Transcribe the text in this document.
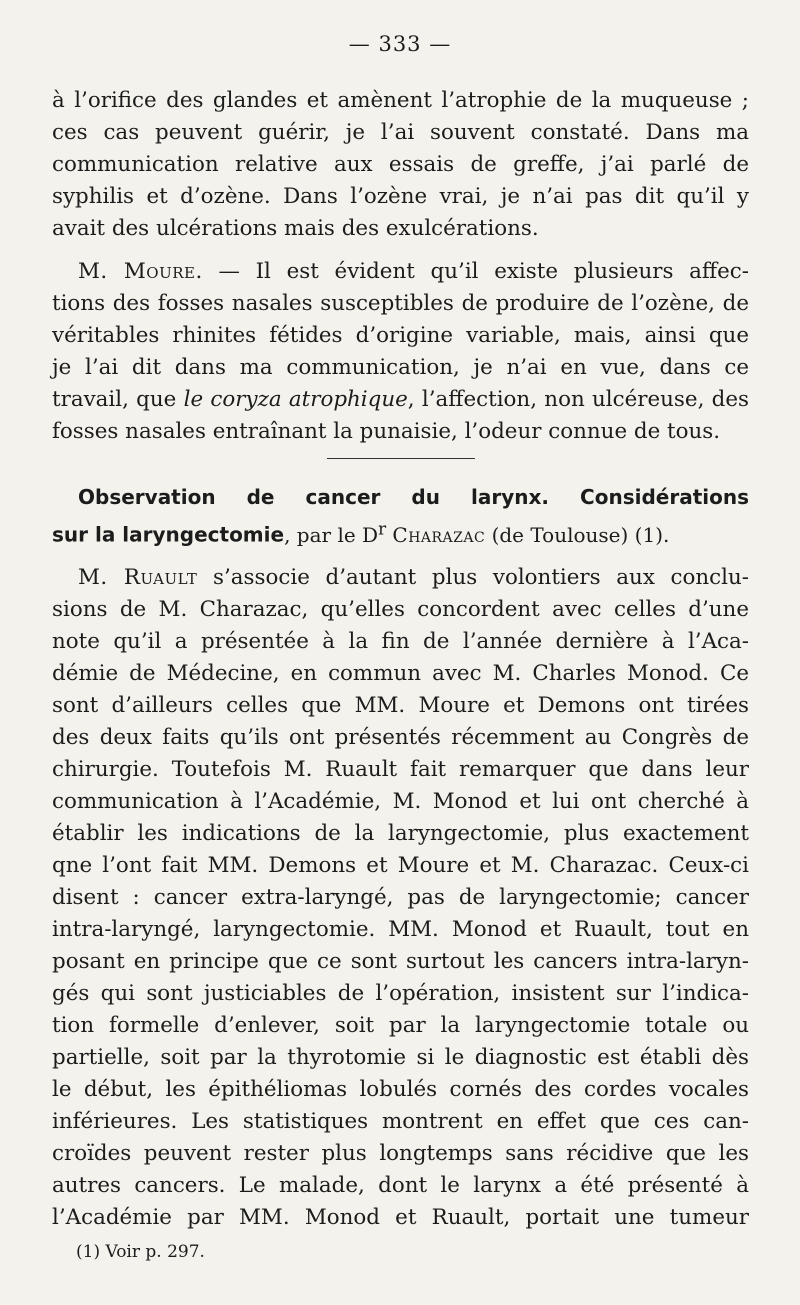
— 333 —

à l’orifice des glandes et amènent l’atrophie de la muqueuse ;

ces cas peuvent guérir, je l’ai souvent constaté. Dans ma

communication relative aux essais de greffe, j’ai parlé de

syphilis et d’ozène. Dans l’ozène vrai, je n’ai pas dit qu’il y

avait des ulcérations mais des exulcérations.

M. Moure. — Il est évident qu’il existe plusieurs affec-

tions des fosses nasales susceptibles de produire de l’ozène, de

véritables rhinites fétides d’origine variable, mais, ainsi que

je l’ai dit dans ma communication, je n’ai en vue, dans ce

travail, que le coryza atrophique, l’affection, non ulcéreuse, des

fosses nasales entraînant la punaisie, l’odeur connue de tous.

Observation de cancer du larynx. Considérations

sur la laryngectomie, par le $D^r$ Charazac (de Toulouse) (1).

M. Ruault s’associe d’autant plus volontiers aux conclu-

sions de M. Charazac, qu’elles concordent avec celles d’une

note qu’il a présentée à la fin de l’année dernière à l’Aca-

démie de Médecine, en commun avec M. Charles Monod. Ce

sont d’ailleurs celles que MM. Moure et Demons ont tirées

des deux faits qu’ils ont présentés récemment au Congrès de

chirurgie. Toutefois M. Ruault fait remarquer que dans leur

communication à l’Académie, M. Monod et lui ont cherché à

établir les indications de la laryngectomie, plus exactement

qne l’ont fait MM. Demons et Moure et M. Charazac. Ceux-ci

disent : cancer extra-laryngé, pas de laryngectomie; cancer

intra-laryngé, laryngectomie. MM. Monod et Ruault, tout en

posant en principe que ce sont surtout les cancers intra-laryn-

gés qui sont justiciables de l’opération, insistent sur l’indica-

tion formelle d’enlever, soit par la laryngectomie totale ou

partielle, soit par la thyrotomie si le diagnostic est établi dès

le début, les épithéliomas lobulés cornés des cordes vocales

inférieures. Les statistiques montrent en effet que ces can-

croïdes peuvent rester plus longtemps sans récidive que les

autres cancers. Le malade, dont le larynx a été présenté à

l’Académie par MM. Monod et Ruault, portait une tumeur

(1) Voir p. 297.
